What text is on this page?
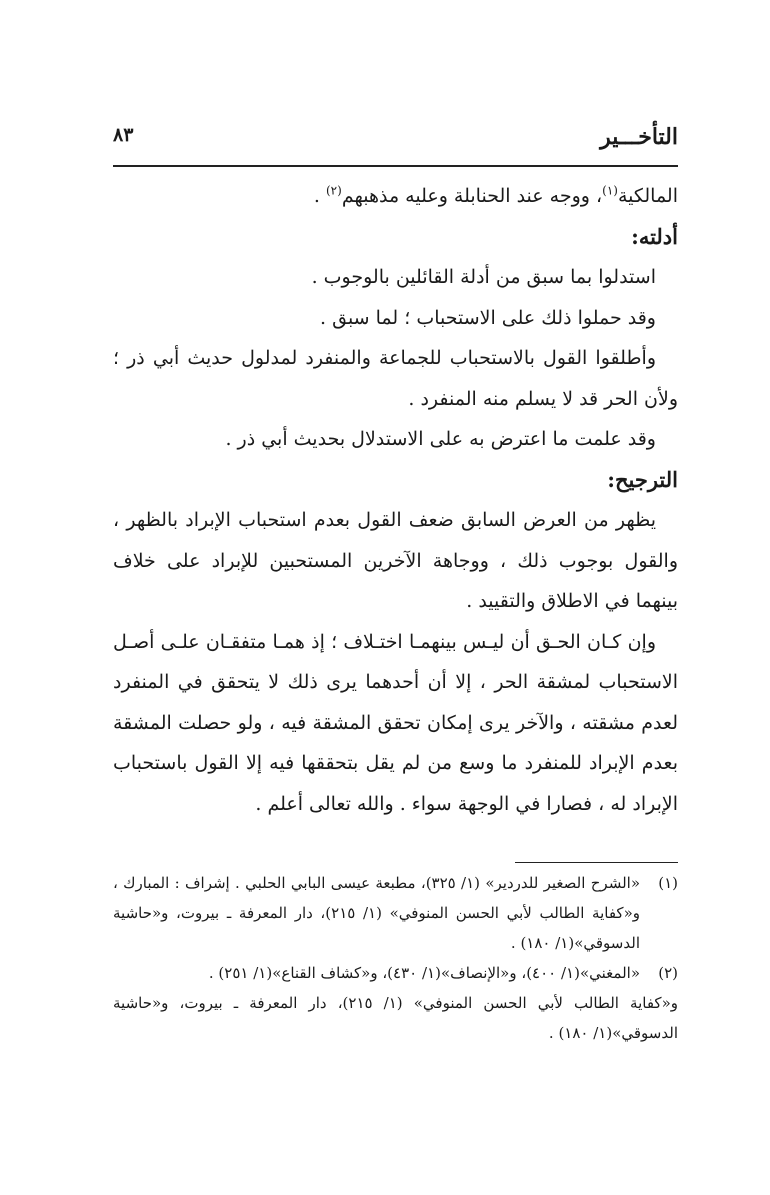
التأخـــير
٨٣

المالكية$^{(١)}$، ووجه عند الحنابلة وعليه مذهبهم$^{(٢)}$ .

أدلته:

استدلوا بما سبق من أدلة القائلين بالوجوب .

وقد حملوا ذلك على الاستحباب ؛ لما سبق .

وأطلقوا القول بالاستحباب للجماعة والمنفرد لمدلول حديث أبي ذر ؛ ولأن الحر قد لا يسلم منه المنفرد .

وقد علمت ما اعترض به على الاستدلال بحديث أبي ذر .

الترجيح:

يظهر من العرض السابق ضعف القول بعدم استحباب الإبراد بالظهر ، والقول بوجوب ذلك ، ووجاهة الآخرين المستحبين للإبراد على خلاف بينهما في الاطلاق والتقييد .

وإن كـان الحـق أن ليـس بينهمـا اختـلاف ؛ إذ همـا متفقـان علـى أصـل الاستحباب لمشقة الحر ، إلا أن أحدهما يرى ذلك لا يتحقق في المنفرد لعدم مشقته ، والآخر يرى إمكان تحقق المشقة فيه ، ولو حصلت المشقة بعدم الإبراد للمنفرد ما وسع من لم يقل بتحققها فيه إلا القول باستحباب الإبراد له ، فصارا في الوجهة سواء . والله تعالى أعلم .

(١)
«الشرح الصغير للدردير» (١/ ٣٢٥)، مطبعة عيسى البابي الحلبي . إشراف : المبارك ، و«كفاية الطالب لأبي الحسن المنوفي» (١/ ٢١٥)، دار المعرفة ـ بيروت، و«حاشية الدسوقي»(١/ ١٨٠) .

(٢)
«المغني»(١/ ٤٠٠)، و«الإنصاف»(١/ ٤٣٠)، و«كشاف القناع»(١/ ٢٥١) .

و«كفاية الطالب لأبي الحسن المنوفي» (١/ ٢١٥)، دار المعرفة ـ بيروت، و«حاشية الدسوقي»(١/ ١٨٠) .
